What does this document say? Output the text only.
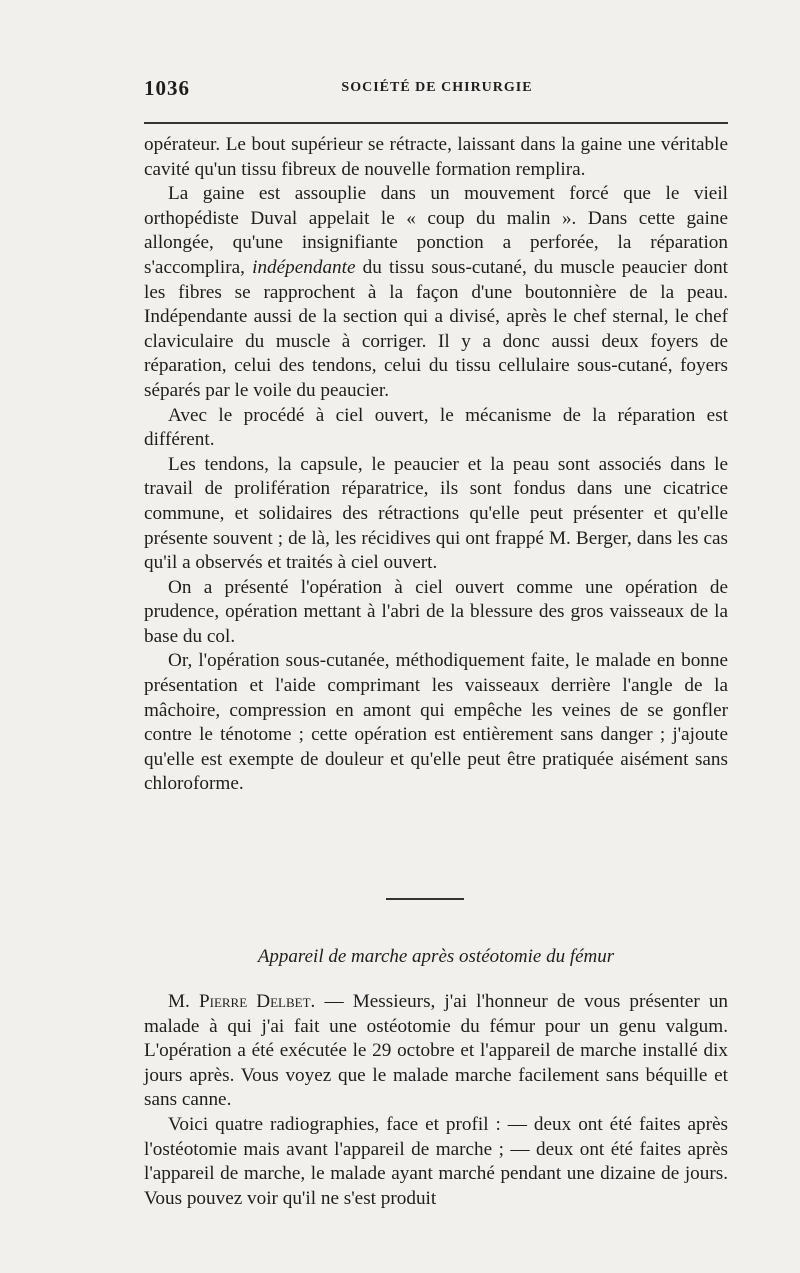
1036	SOCIÉTÉ DE CHIRURGIE

opérateur. Le bout supérieur se rétracte, laissant dans la gaine une véritable cavité qu'un tissu fibreux de nouvelle formation remplira.

La gaine est assouplie dans un mouvement forcé que le vieil orthopédiste Duval appelait le « coup du malin ». Dans cette gaine allongée, qu'une insignifiante ponction a perforée, la réparation s'accomplira, indépendante du tissu sous-cutané, du muscle peaucier dont les fibres se rapprochent à la façon d'une boutonnière de la peau. Indépendante aussi de la section qui a divisé, après le chef sternal, le chef claviculaire du muscle à corriger. Il y a donc aussi deux foyers de réparation, celui des tendons, celui du tissu cellulaire sous-cutané, foyers séparés par le voile du peaucier.

Avec le procédé à ciel ouvert, le mécanisme de la réparation est différent.

Les tendons, la capsule, le peaucier et la peau sont associés dans le travail de prolifération réparatrice, ils sont fondus dans une cicatrice commune, et solidaires des rétractions qu'elle peut présenter et qu'elle présente souvent ; de là, les récidives qui ont frappé M. Berger, dans les cas qu'il a observés et traités à ciel ouvert.

On a présenté l'opération à ciel ouvert comme une opération de prudence, opération mettant à l'abri de la blessure des gros vaisseaux de la base du col.

Or, l'opération sous-cutanée, méthodiquement faite, le malade en bonne présentation et l'aide comprimant les vaisseaux derrière l'angle de la mâchoire, compression en amont qui empêche les veines de se gonfler contre le ténotome ; cette opération est entièrement sans danger ; j'ajoute qu'elle est exempte de douleur et qu'elle peut être pratiquée aisément sans chloroforme.

Appareil de marche après ostéotomie du fémur

M. Pierre Delbet. — Messieurs, j'ai l'honneur de vous présenter un malade à qui j'ai fait une ostéotomie du fémur pour un genu valgum. L'opération a été exécutée le 29 octobre et l'appareil de marche installé dix jours après. Vous voyez que le malade marche facilement sans béquille et sans canne.

Voici quatre radiographies, face et profil : — deux ont été faites après l'ostéotomie mais avant l'appareil de marche ; — deux ont été faites après l'appareil de marche, le malade ayant marché pendant une dizaine de jours. Vous pouvez voir qu'il ne s'est produit
